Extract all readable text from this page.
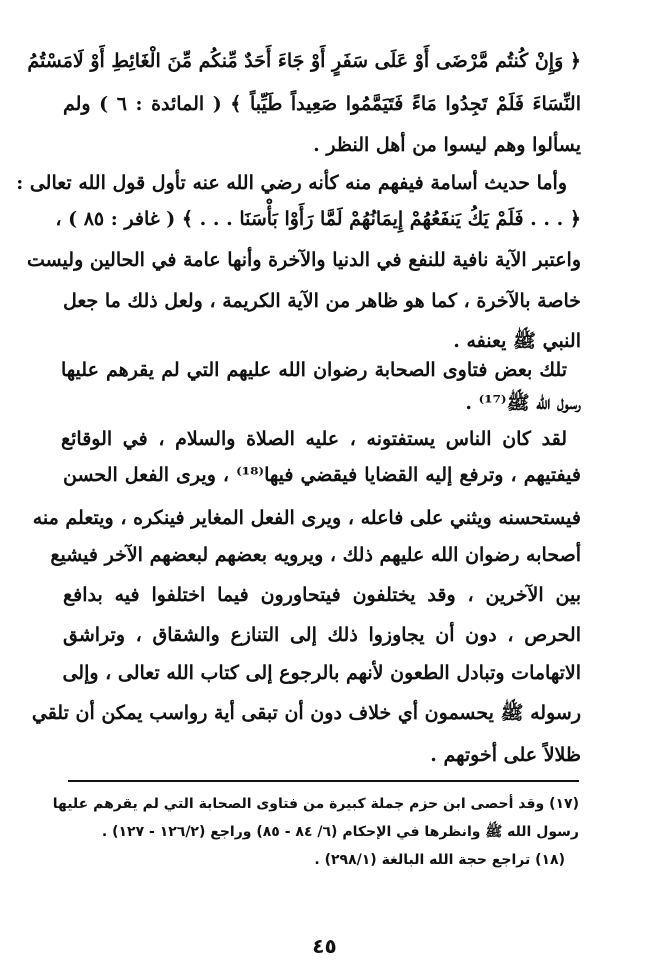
﴿ وَإِنْ كُنتُم مَّرْضَى أَوْ عَلَى سَفَرٍ أَوْ جَاءَ أَحَدٌ مِّنكُم مِّنَ الْغَائِطِ أَوْ لَامَسْتُمُ
النِّسَاءَ فَلَمْ تَجِدُوا مَاءً فَتَيَمَّمُوا صَعِيداً طَيِّباً ﴾ ( المائدة : ٦ ) ولم
يسألوا وهم ليسوا من أهل النظر .
وأما حديث أسامة فيفهم منه كأنه رضي الله عنه تأول قول الله تعالى :
﴿ . . . فَلَمْ يَكُ يَنفَعُهُمْ إِيمَانُهُمْ لَمَّا رَأَوْا بَأْسَنَا . . . ﴾ ( غافر : ٨٥ ) ،
واعتبر الآية نافية للنفع في الدنيا والآخرة وأنها عامة في الحالين وليست
خاصة بالآخرة ، كما هو ظاهر من الآية الكريمة ، ولعل ذلك ما جعل
النبي ﷺ يعنفه .
تلك بعض فتاوى الصحابة رضوان الله عليهم التي لم يقرهم عليها
رسول الله ﷺ⁽¹⁷⁾ .
لقد كان الناس يستفتونه ، عليه الصلاة والسلام ، في الوقائع
فيفتيهم ، وترفع إليه القضايا فيقضي فيها⁽¹⁸⁾ ، ويرى الفعل الحسن
فيستحسنه ويثني على فاعله ، ويرى الفعل المغاير فينكره ، ويتعلم منه
أصحابه رضوان الله عليهم ذلك ، ويرويه بعضهم لبعضهم الآخر فيشيع
بين الآخرين ، وقد يختلفون فيتحاورون فيما اختلفوا فيه بدافع
الحرص ، دون أن يجاوزوا ذلك إلى التنازع والشقاق ، وتراشق
الاتهامات وتبادل الطعون لأنهم بالرجوع إلى كتاب الله تعالى ، وإلى
رسوله ﷺ يحسمون أي خلاف دون أن تبقى أية رواسب يمكن أن تلقي
ظلالاً على أخوتهم .
(١٧) وقد أحصى ابن حزم جملة كبيرة من فتاوى الصحابة التي لم يقرهم عليها
رسول الله ﷺ وانظرها في الإحكام (٦/ ٨٤ - ٨٥) وراجع (١٢٦/٢ - ١٢٧) .
(١٨) تراجع حجة الله البالغة (٢٩٨/١) .
٤٥
